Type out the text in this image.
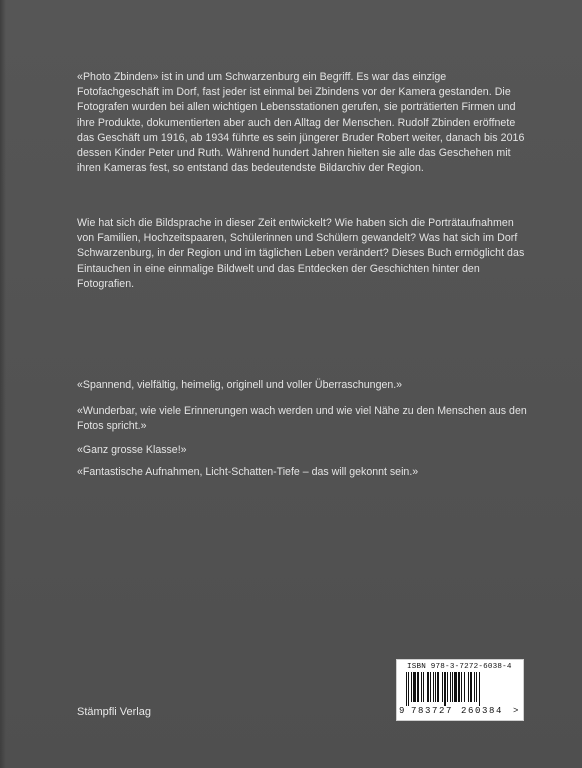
«Photo Zbinden» ist in und um Schwarzenburg ein Begriff. Es war das einzige Fotofachgeschäft im Dorf, fast jeder ist einmal bei Zbindens vor der Kamera gestanden. Die Fotografen wurden bei allen wichtigen Lebensstationen gerufen, sie porträtierten Firmen und ihre Produkte, dokumentierten aber auch den Alltag der Menschen. Rudolf Zbinden eröffnete das Geschäft um 1916, ab 1934 führte es sein jüngerer Bruder Robert weiter, danach bis 2016 dessen Kinder Peter und Ruth. Während hundert Jahren hielten sie alle das Geschehen mit ihren Kameras fest, so entstand das bedeutendste Bildarchiv der Region.

Wie hat sich die Bildsprache in dieser Zeit entwickelt? Wie haben sich die Porträtaufnahmen von Familien, Hochzeitspaaren, Schülerinnen und Schülern gewandelt? Was hat sich im Dorf Schwarzenburg, in der Region und im täglichen Leben verändert? Dieses Buch ermöglicht das Eintauchen in eine einmalige Bildwelt und das Entdecken der Geschichten hinter den Fotografien.

«Spannend, vielfältig, heimelig, originell und voller Überraschungen.»

«Wunderbar, wie viele Erinnerungen wach werden und wie viel Nähe zu den Menschen aus den Fotos spricht.»

«Ganz grosse Klasse!»

«Fantastische Aufnahmen, Licht-Schatten-Tiefe – das will gekonnt sein.»

Stämpfli Verlag
ISBN 978-3-7272-6038-4
9 783727 260384 >
